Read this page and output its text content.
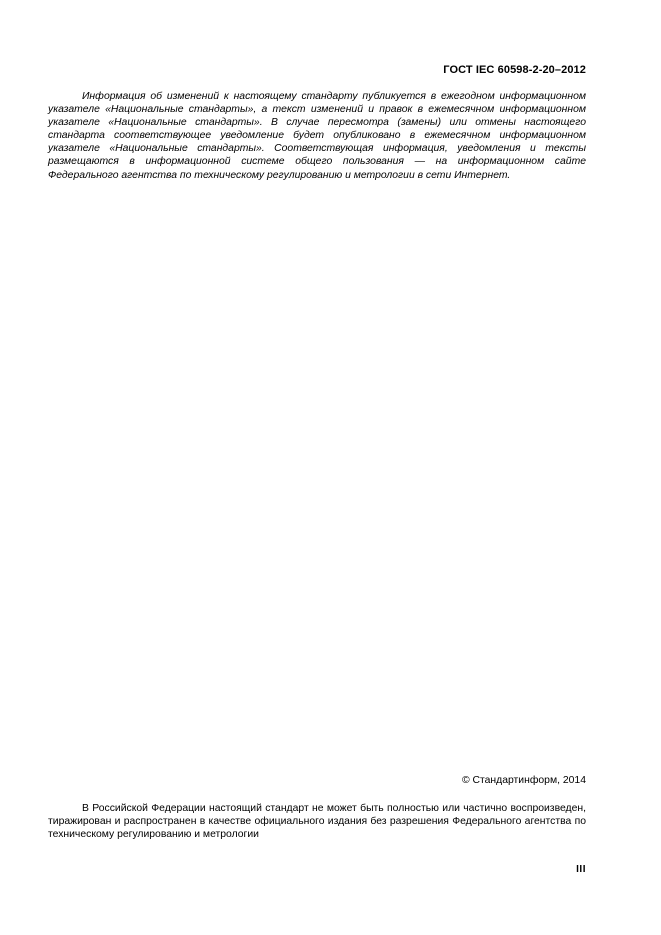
ГОСТ IEC 60598-2-20–2012

Информация об изменений к настоящему стандарту публикуется в ежегодном информационном указателе «Национальные стандарты», а текст изменений и правок в ежемесячном информационном указателе «Национальные стандарты». В случае пересмотра (замены) или отмены настоящего стандарта соответствующее уведомление будет опубликовано в ежемесячном информационном указателе «Национальные стандарты». Соответствующая информация, уведомления и тексты размещаются в информационной системе общего пользования — на информационном сайте Федерального агентства по техническому регулированию и метрологии в сети Интернет.

© Стандартинформ, 2014

В Российской Федерации настоящий стандарт не может быть полностью или частично воспроизведен, тиражирован и распространен в качестве официального издания без разрешения Федерального агентства по техническому регулированию и метрологии

III
